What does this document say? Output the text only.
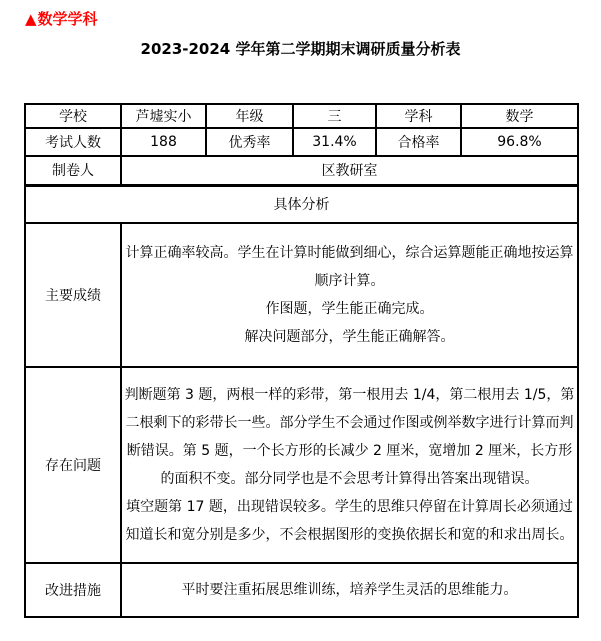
▲数学学科
2023-2024 学年第二学期期末调研质量分析表
学校	芦墟实小	年级	三	学科	数学
考试人数	188	优秀率	31.4%	合格率	96.8%
制卷人	区教研室				
具体分析					
主要成绩	计算正确率较高。学生在计算时能做到细心，综合运算题能正确地按运算顺序计算。

作图题，学生能正确完成。

解决问题部分，学生能正确解答。				

存在问题	判断题第 3 题，两根一样的彩带，第一根用去 1/4，第二根用去 1/5，第二根剩下的彩带长一些。部分学生不会通过作图或例举数字进行计算而判断错误。第 5 题，一个长方形的长减少 2 厘米，宽增加 2 厘米，长方形的面积不变。部分同学也是不会思考计算得出答案出现错误。

填空题第 17 题，出现错误较多。学生的思维只停留在计算周长必须通过知道长和宽分别是多少，不会根据图形的变换依据长和宽的和求出周长。				

改进措施	平时要注重拓展思维训练，培养学生灵活的思维能力。				
